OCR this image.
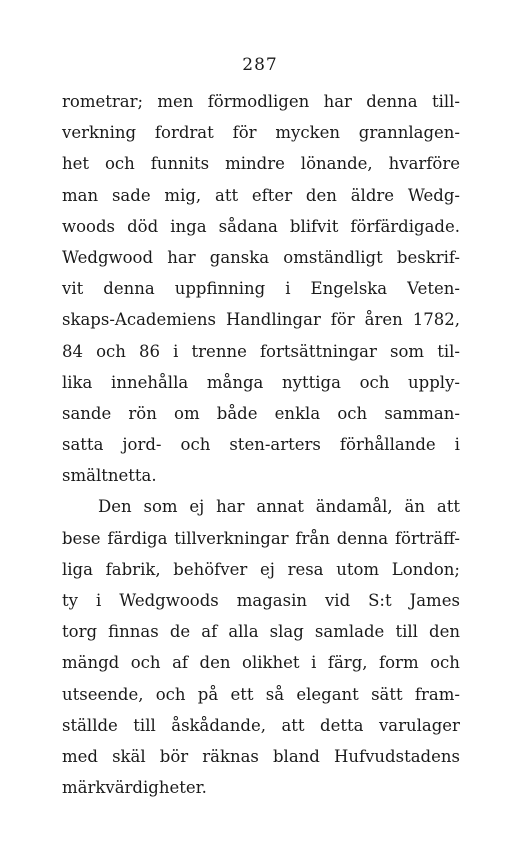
287
rometrar; men förmodligen har denna till-
verkning fordrat för mycken grannlagen-
het och funnits mindre lönande, hvarföre
man sade mig, att efter den äldre Wedg-
woods död inga sådana blifvit förfärdigade.
Wedgwood har ganska omständligt beskrif-
vit denna uppfinning i Engelska Veten-
skaps-Academiens Handlingar för åren 1782,
84 och 86 i trenne fortsättningar som til-
lika innehålla många nyttiga och upply-
sande rön om både enkla och samman-
satta jord- och sten-arters förhållande i
smältnetta.
Den som ej har annat ändamål, än att
bese färdiga tillverkningar från denna förträff-
liga fabrik, behöfver ej resa utom London;
ty i Wedgwoods magasin vid S:t James
torg finnas de af alla slag samlade till den
mängd och af den olikhet i färg, form och
utseende, och på ett så elegant sätt fram-
ställde till åskådande, att detta varulager
med skäl bör räknas bland Hufvudstadens
märkvärdigheter.
